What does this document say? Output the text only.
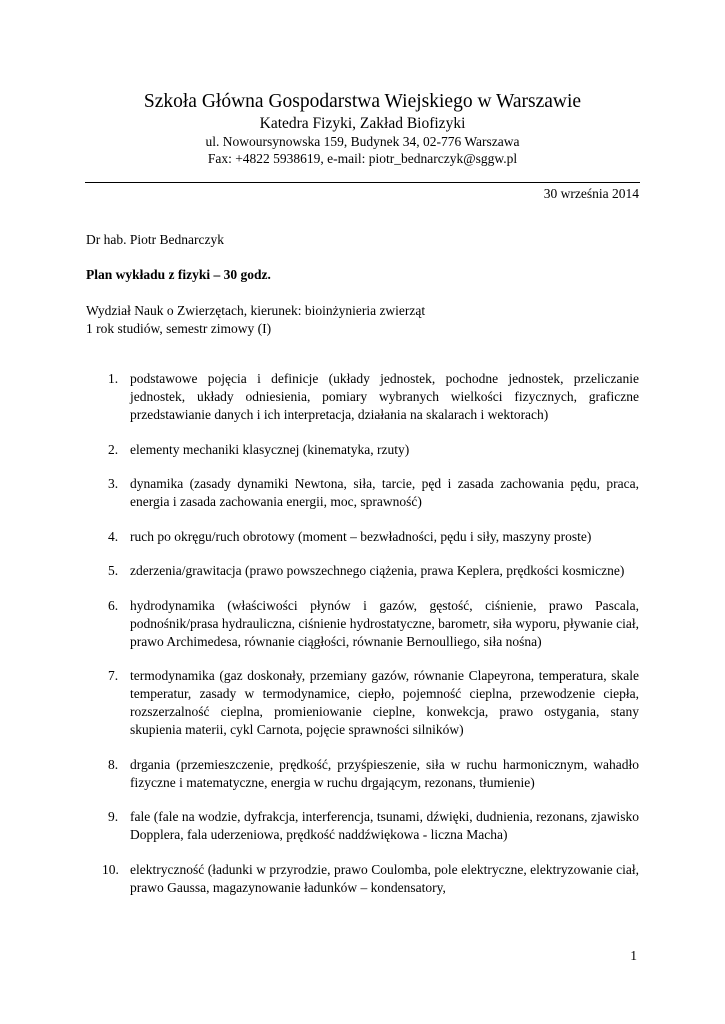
Szkoła Główna Gospodarstwa Wiejskiego w Warszawie
Katedra Fizyki, Zakład Biofizyki
ul. Nowoursynowska 159, Budynek 34, 02-776 Warszawa
Fax: +4822 5938619, e-mail: piotr_bednarczyk@sggw.pl
30 września 2014
Dr hab. Piotr Bednarczyk
Plan wykładu z fizyki – 30 godz.
Wydział Nauk o Zwierzętach, kierunek: bioinżynieria zwierząt
1 rok studiów, semestr zimowy (I)
1. podstawowe pojęcia i definicje (układy jednostek, pochodne jednostek, przeliczanie jednostek, układy odniesienia, pomiary wybranych wielkości fizycznych, graficzne przedstawianie danych i ich interpretacja, działania na skalarach i wektorach)
2. elementy mechaniki klasycznej (kinematyka, rzuty)
3. dynamika (zasady dynamiki Newtona, siła, tarcie, pęd i zasada zachowania pędu, praca, energia i zasada zachowania energii, moc, sprawność)
4. ruch po okręgu/ruch obrotowy (moment – bezwładności, pędu i siły, maszyny proste)
5. zderzenia/grawitacja (prawo powszechnego ciążenia, prawa Keplera, prędkości kosmiczne)
6. hydrodynamika (właściwości płynów i gazów, gęstość, ciśnienie, prawo Pascala, podnośnik/prasa hydrauliczna, ciśnienie hydrostatyczne, barometr, siła wyporu, pływanie ciał, prawo Archimedesa, równanie ciągłości, równanie Bernoulliego, siła nośna)
7. termodynamika (gaz doskonały, przemiany gazów, równanie Clapeyrona, temperatura, skale temperatur, zasady w termodynamice, ciepło, pojemność cieplna, przewodzenie ciepła, rozszerzalność cieplna, promieniowanie cieplne, konwekcja, prawo ostygania, stany skupienia materii, cykl Carnota, pojęcie sprawności silników)
8. drgania (przemieszczenie, prędkość, przyśpieszenie, siła w ruchu harmonicznym, wahadło fizyczne i matematyczne, energia w ruchu drgającym, rezonans, tłumienie)
9. fale (fale na wodzie, dyfrakcja, interferencja, tsunami, dźwięki, dudnienia, rezonans, zjawisko Dopplera, fala uderzeniowa, prędkość naddźwiękowa - liczna Macha)
10. elektryczność (ładunki w przyrodzie, prawo Coulomba, pole elektryczne, elektryzowanie ciał, prawo Gaussa, magazynowanie ładunków – kondensatory,
1
